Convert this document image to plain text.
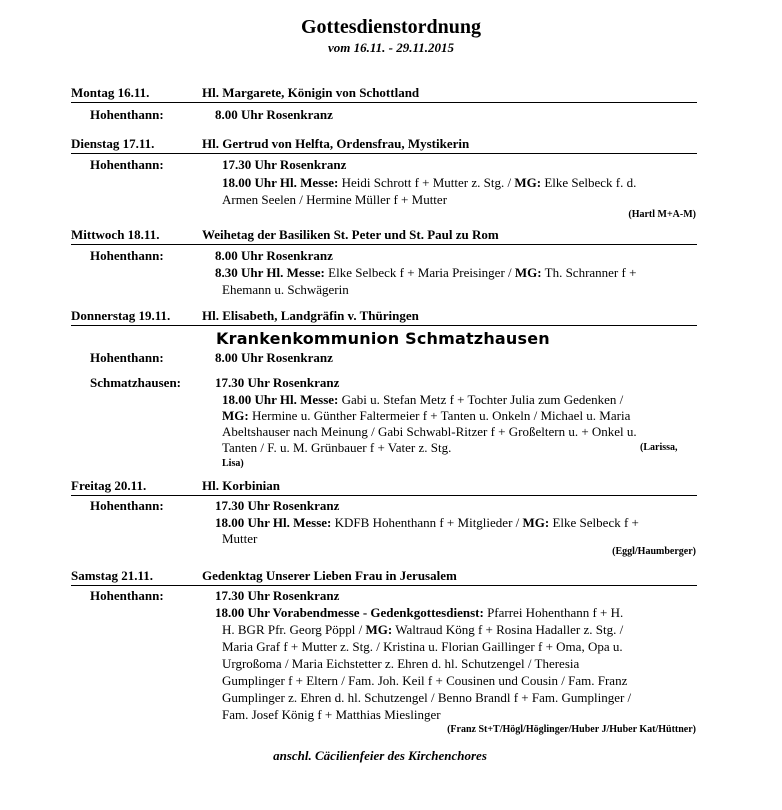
Gottesdienstordnung
vom 16.11. - 29.11.2015
Montag 16.11.	Hl. Margarete, Königin von Schottland
Hohenthann:	8.00 Uhr Rosenkranz
Dienstag 17.11.	Hl. Gertrud von Helfta, Ordensfrau, Mystikerin
Hohenthann:	17.30 Uhr Rosenkranz
18.00 Uhr Hl. Messe: Heidi Schrott f + Mutter z. Stg. / MG: Elke Selbeck f. d.
Armen Seelen / Hermine Müller f + Mutter
(Hartl M+A-M)
Mittwoch 18.11.	Weihetag der Basiliken St. Peter und St. Paul zu Rom
Hohenthann:	8.00 Uhr Rosenkranz
8.30 Uhr Hl. Messe: Elke Selbeck f + Maria Preisinger / MG: Th. Schranner f +
Ehemann u. Schwägerin
Donnerstag 19.11. Hl. Elisabeth, Landgräfin v. Thüringen
Krankenkommunion Schmatzhausen
Hohenthann:	8.00 Uhr Rosenkranz
Schmatzhausen:	17.30 Uhr Rosenkranz
18.00 Uhr Hl. Messe: Gabi u. Stefan Metz f + Tochter Julia zum Gedenken /
MG: Hermine u. Günther Faltermeier f + Tanten u. Onkeln / Michael u. Maria
Abeltshauser nach Meinung / Gabi Schwabl-Ritzer f + Großeltern u. + Onkel u.
Tanten / F. u. M. Grünbauer f + Vater z. Stg.	(Larissa,
Lisa)
Freitag 20.11.	Hl. Korbinian
Hohenthann:	17.30 Uhr Rosenkranz
18.00 Uhr Hl. Messe: KDFB Hohenthann f + Mitglieder / MG: Elke Selbeck f +
Mutter
(Eggl/Haumberger)
Samstag 21.11.	Gedenktag Unserer Lieben Frau in Jerusalem
Hohenthann:	17.30 Uhr Rosenkranz
18.00 Uhr Vorabendmesse - Gedenkgottesdienst: Pfarrei Hohenthann f + H.
H. BGR Pfr. Georg Pöppl / MG: Waltraud Köng f + Rosina Hadaller z. Stg. /
Maria Graf f + Mutter z. Stg. / Kristina u. Florian Gaillinger f + Oma, Opa u.
Urgroßoma / Maria Eichstetter z. Ehren d. hl. Schutzengel / Theresia
Gumplinger f + Eltern / Fam. Joh. Keil f + Cousinen und Cousin / Fam. Franz
Gumplinger z. Ehren d. hl. Schutzengel / Benno Brandl f + Fam. Gumplinger /
Fam. Josef König f + Matthias Mieslinger
(Franz St+T/Högl/Höglinger/Huber J/Huber Kat/Hüttner)
anschl. Cäcilienfeier des Kirchenchores
